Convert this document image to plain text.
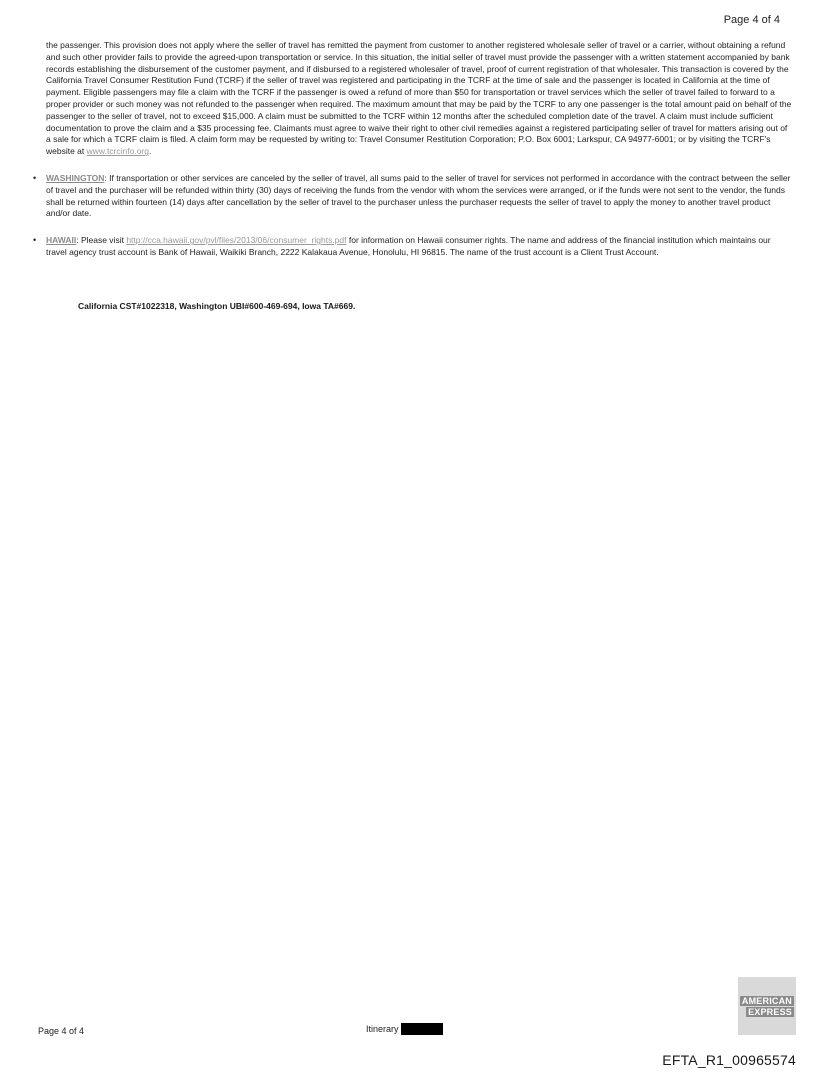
Page 4 of 4

the passenger. This provision does not apply where the seller of travel has remitted the payment from customer to another registered wholesale seller of travel or a carrier, without obtaining a refund and such other provider fails to provide the agreed-upon transportation or service. In this situation, the initial seller of travel must provide the passenger with a written statement accompanied by bank records establishing the disbursement of the customer payment, and if disbursed to a registered wholesaler of travel, proof of current registration of that wholesaler. This transaction is covered by the California Travel Consumer Restitution Fund (TCRF) if the seller of travel was registered and participating in the TCRF at the time of sale and the passenger is located in California at the time of payment. Eligible passengers may file a claim with the TCRF if the passenger is owed a refund of more than $50 for transportation or travel services which the seller of travel failed to forward to a proper provider or such money was not refunded to the passenger when required. The maximum amount that may be paid by the TCRF to any one passenger is the total amount paid on behalf of the passenger to the seller of travel, not to exceed $15,000. A claim must be submitted to the TCRF within 12 months after the scheduled completion date of the travel. A claim must include sufficient documentation to prove the claim and a $35 processing fee. Claimants must agree to waive their right to other civil remedies against a registered participating seller of travel for matters arising out of a sale for which a TCRF claim is filed. A claim form may be requested by writing to: Travel Consumer Restitution Corporation; P.O. Box 6001; Larkspur, CA 94977-6001; or by visiting the TCRF's website at www.tcrcinfo.org.

• WASHINGTON: If transportation or other services are canceled by the seller of travel, all sums paid to the seller of travel for services not performed in accordance with the contract between the seller of travel and the purchaser will be refunded within thirty (30) days of receiving the funds from the vendor with whom the services were arranged, or if the funds were not sent to the vendor, the funds shall be returned within fourteen (14) days after cancellation by the seller of travel to the purchaser unless the purchaser requests the seller of travel to apply the money to another travel product and/or date.
• HAWAII: Please visit http://cca.hawaii.gov/pvl/files/2013/06/consumer_rights.pdf for information on Hawaii consumer rights. The name and address of the financial institution which maintains our travel agency trust account is Bank of Hawaii, Waikiki Branch, 2222 Kalakaua Avenue, Honolulu, HI 96815. The name of the trust account is a Client Trust Account.
California CST#1022318, Washington UBI#600-469-694, Iowa TA#669.
Page 4 of 4	Itinerary
AMERICAN
EXPRESS
EFTA_R1_00965574
